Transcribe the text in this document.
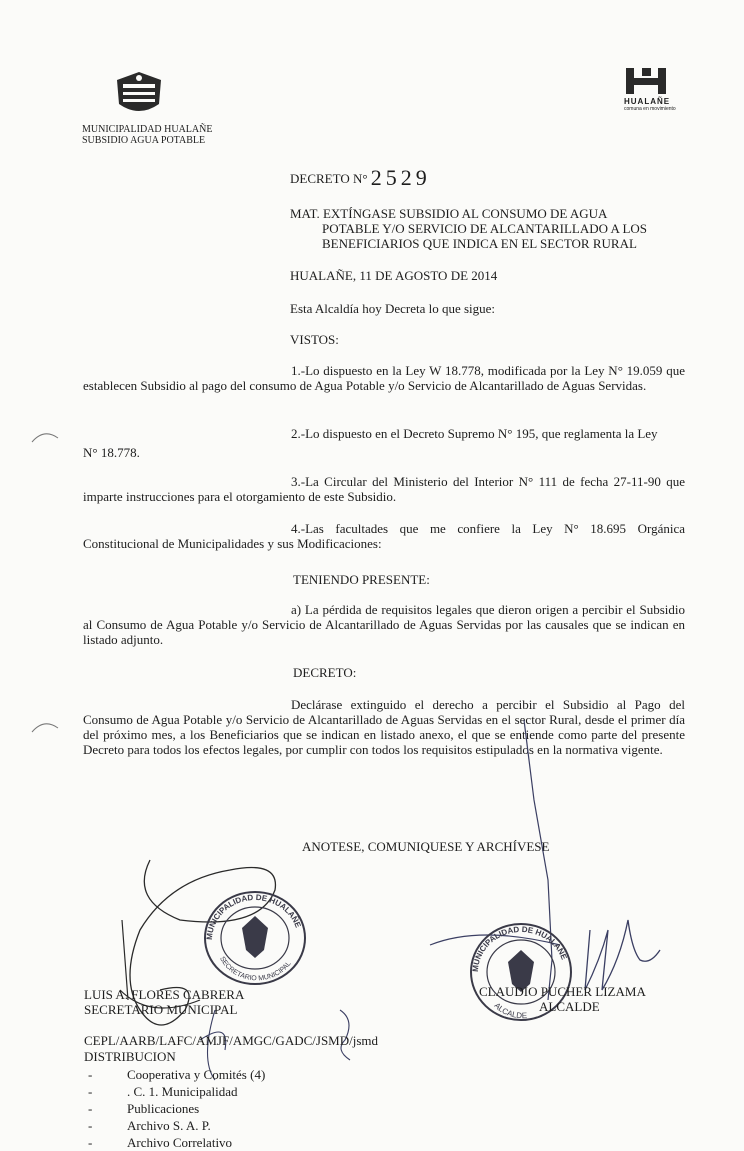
MUNICIPALIDAD HUALAÑE
SUBSIDIO AGUA POTABLE
HUALAÑE
comuna en movimiento
DECRETO N° 2529
MAT. EXTÍNGASE SUBSIDIO AL CONSUMO DE AGUA
POTABLE Y/O SERVICIO DE ALCANTARILLADO A LOS
BENEFICIARIOS QUE INDICA EN EL SECTOR RURAL
HUALAÑE, 11 DE AGOSTO DE 2014
Esta Alcaldía hoy Decreta lo que sigue:
VISTOS:
1.-Lo dispuesto en la Ley W 18.778, modificada por la Ley N° 19.059 que establecen Subsidio al pago del consumo de Agua Potable y/o Servicio de Alcantarillado de Aguas Servidas.
2.-Lo dispuesto en el Decreto Supremo N° 195, que reglamenta la Ley
N° 18.778.
3.-La Circular del Ministerio del Interior N° 111 de fecha 27-11-90 que imparte instrucciones para el otorgamiento de este Subsidio.
4.-Las facultades que me confiere la Ley N° 18.695 Orgánica Constitucional de Municipalidades y sus Modificaciones:
TENIENDO PRESENTE:
a) La pérdida de requisitos legales que dieron origen a percibir el Subsidio al Consumo de Agua Potable y/o Servicio de Alcantarillado de Aguas Servidas por las causales que se indican en listado adjunto.
DECRETO:
Declárase extinguido el derecho a percibir el Subsidio al Pago del Consumo de Agua Potable y/o Servicio de Alcantarillado de Aguas Servidas en el sector Rural, desde el primer día del próximo mes, a los Beneficiarios que se indican en listado anexo, el que se entiende como parte del presente Decreto para todos los efectos legales, por cumplir con todos los requisitos estipulados en la normativa vigente.
ANOTESE, COMUNIQUESE Y ARCHÍVESE
MUNICIPALIDAD DE HUALAÑE
SECRETARIO MUNICIPAL
MUNICIPALIDAD DE HUALAÑE
ALCALDE
LUIS A. FLORES CABRERA
SECRETARIO MUNICIPAL
CLAUDIO PUCHER LIZAMA
ALCALDE
CEPL/AARB/LAFC/AMJF/AMGC/GADC/JSMD/jsmd
DISTRIBUCION
- Cooperativa y Comités (4)
- . C. 1. Municipalidad
- Publicaciones
- Archivo S. A. P.
- Archivo Correlativo
